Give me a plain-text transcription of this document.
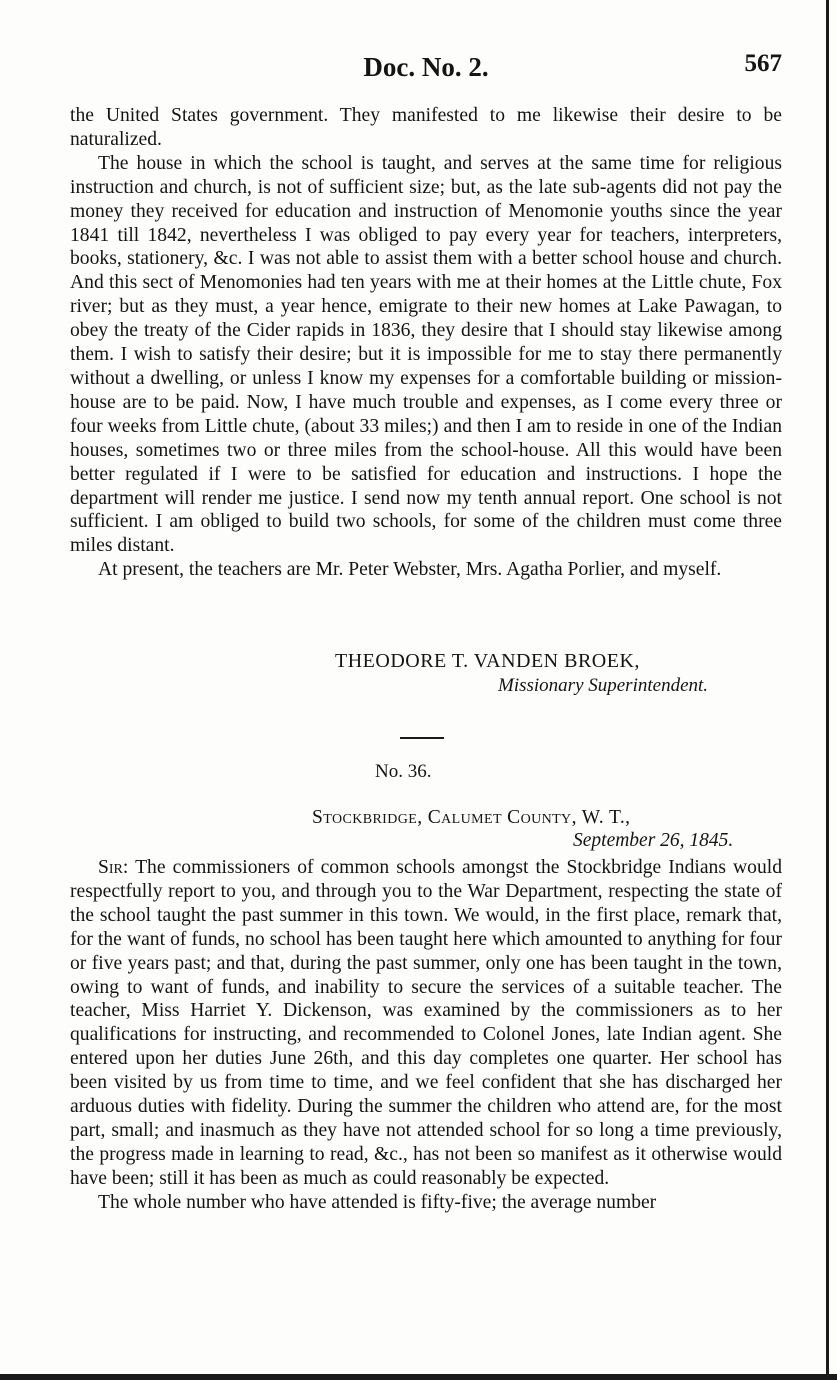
Doc. No. 2.	567

the United States government. They manifested to me likewise their desire to be naturalized.

The house in which the school is taught, and serves at the same time for religious instruction and church, is not of sufficient size; but, as the late sub-agents did not pay the money they received for education and instruction of Menomonie youths since the year 1841 till 1842, nevertheless I was obliged to pay every year for teachers, interpreters, books, stationery, &c. I was not able to assist them with a better school house and church. And this sect of Menomonies had ten years with me at their homes at the Little chute, Fox river; but as they must, a year hence, emigrate to their new homes at Lake Pawagan, to obey the treaty of the Cider rapids in 1836, they desire that I should stay likewise among them. I wish to satisfy their desire; but it is impossible for me to stay there permanently without a dwelling, or unless I know my expenses for a comfortable building or mission-house are to be paid. Now, I have much trouble and expenses, as I come every three or four weeks from Little chute, (about 33 miles;) and then I am to reside in one of the Indian houses, sometimes two or three miles from the school-house. All this would have been better regulated if I were to be satisfied for education and instructions. I hope the department will render me justice. I send now my tenth annual report. One school is not sufficient. I am obliged to build two schools, for some of the children must come three miles distant.

At present, the teachers are Mr. Peter Webster, Mrs. Agatha Porlier, and myself.

THEODORE T. VANDEN BROEK,
Missionary Superintendent.
No. 36.
Stockbridge, Calumet County, W. T.,
September 26, 1845.

Sir: The commissioners of common schools amongst the Stockbridge Indians would respectfully report to you, and through you to the War Department, respecting the state of the school taught the past summer in this town. We would, in the first place, remark that, for the want of funds, no school has been taught here which amounted to anything for four or five years past; and that, during the past summer, only one has been taught in the town, owing to want of funds, and inability to secure the services of a suitable teacher. The teacher, Miss Harriet Y. Dickenson, was examined by the commissioners as to her qualifications for instructing, and recommended to Colonel Jones, late Indian agent. She entered upon her duties June 26th, and this day completes one quarter. Her school has been visited by us from time to time, and we feel confident that she has discharged her arduous duties with fidelity. During the summer the children who attend are, for the most part, small; and inasmuch as they have not attended school for so long a time previously, the progress made in learning to read, &c., has not been so manifest as it otherwise would have been; still it has been as much as could reasonably be expected.

The whole number who have attended is fifty-five; the average number
